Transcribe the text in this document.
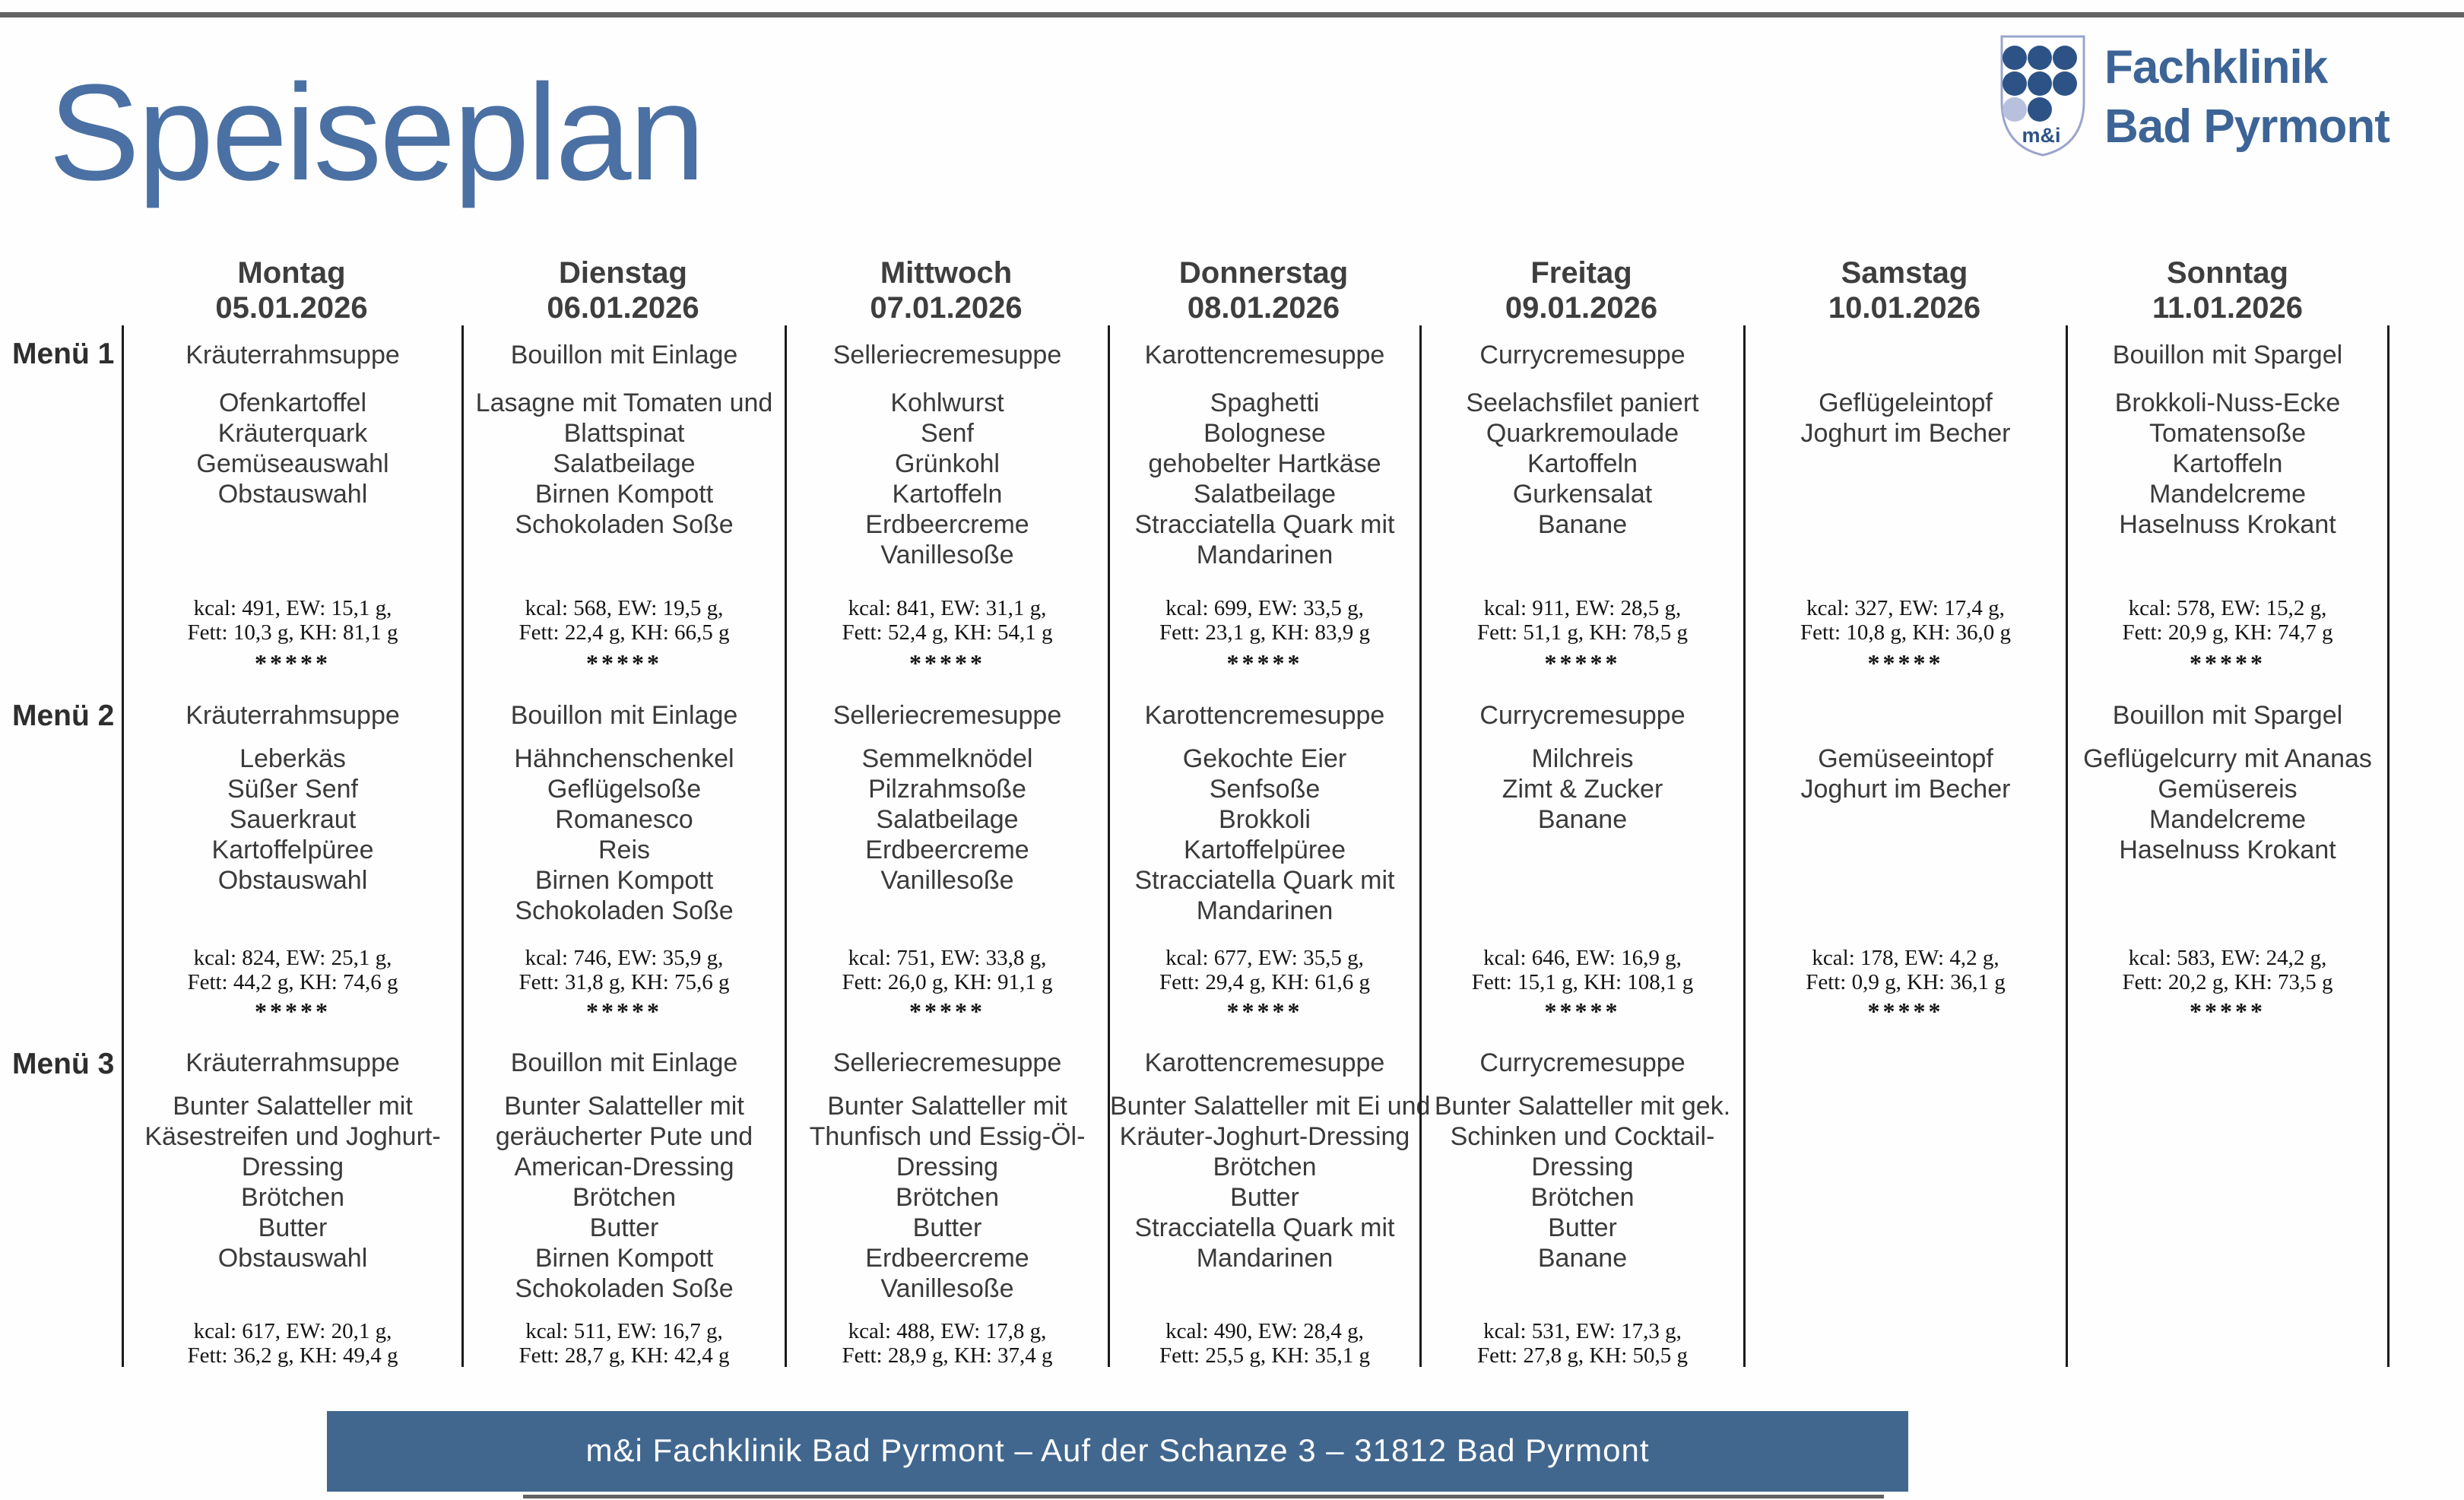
Speiseplan	m&i
Fachklinik
Bad Pyrmont
Montag
05.01.2026
Dienstag
06.01.2026
Mittwoch
07.01.2026
Donnerstag
08.01.2026
Freitag
09.01.2026
Samstag
10.01.2026
Sonntag
11.01.2026
Menü 1
Menü 2
Menü 3
Kräuterrahmsuppe
Ofenkartoffel
Kräuterquark
Gemüseauswahl
Obstauswahl
kcal: 491, EW: 15,1 g,
Fett: 10,3 g, KH: 81,1 g
*****
Bouillon mit Einlage
Lasagne mit Tomaten und
Blattspinat
Salatbeilage
Birnen Kompott
Schokoladen Soße
kcal: 568, EW: 19,5 g,
Fett: 22,4 g, KH: 66,5 g
*****
Selleriecremesuppe
Kohlwurst
Senf
Grünkohl
Kartoffeln
Erdbeercreme
Vanillesoße
kcal: 841, EW: 31,1 g,
Fett: 52,4 g, KH: 54,1 g
*****
Karottencremesuppe
Spaghetti
Bolognese
gehobelter Hartkäse
Salatbeilage
Stracciatella Quark mit
Mandarinen
kcal: 699, EW: 33,5 g,
Fett: 23,1 g, KH: 83,9 g
*****
Currycremesuppe
Seelachsfilet paniert
Quarkremoulade
Kartoffeln
Gurkensalat
Banane
kcal: 911, EW: 28,5 g,
Fett: 51,1 g, KH: 78,5 g
*****
Geflügeleintopf
Joghurt im Becher
kcal: 327, EW: 17,4 g,
Fett: 10,8 g, KH: 36,0 g
*****
Bouillon mit Spargel
Brokkoli-Nuss-Ecke
Tomatensoße
Kartoffeln
Mandelcreme
Haselnuss Krokant
kcal: 578, EW: 15,2 g,
Fett: 20,9 g, KH: 74,7 g
*****
Kräuterrahmsuppe
Leberkäs
Süßer Senf
Sauerkraut
Kartoffelpüree
Obstauswahl
kcal: 824, EW: 25,1 g,
Fett: 44,2 g, KH: 74,6 g
*****
Bouillon mit Einlage
Hähnchenschenkel
Geflügelsoße
Romanesco
Reis
Birnen Kompott
Schokoladen Soße
kcal: 746, EW: 35,9 g,
Fett: 31,8 g, KH: 75,6 g
*****
Selleriecremesuppe
Semmelknödel
Pilzrahmsoße
Salatbeilage
Erdbeercreme
Vanillesoße
kcal: 751, EW: 33,8 g,
Fett: 26,0 g, KH: 91,1 g
*****
Karottencremesuppe
Gekochte Eier
Senfsoße
Brokkoli
Kartoffelpüree
Stracciatella Quark mit
Mandarinen
kcal: 677, EW: 35,5 g,
Fett: 29,4 g, KH: 61,6 g
*****
Currycremesuppe
Milchreis
Zimt & Zucker
Banane
kcal: 646, EW: 16,9 g,
Fett: 15,1 g, KH: 108,1 g
*****
Gemüseeintopf
Joghurt im Becher
kcal: 178, EW: 4,2 g,
Fett: 0,9 g, KH: 36,1 g
*****
Bouillon mit Spargel
Geflügelcurry mit Ananas
Gemüsereis
Mandelcreme
Haselnuss Krokant
kcal: 583, EW: 24,2 g,
Fett: 20,2 g, KH: 73,5 g
*****
Kräuterrahmsuppe
Bunter Salatteller mit
Käsestreifen und Joghurt-
Dressing
Brötchen
Butter
Obstauswahl
kcal: 617, EW: 20,1 g,
Fett: 36,2 g, KH: 49,4 g
Bouillon mit Einlage
Bunter Salatteller mit
geräucherter Pute und
American-Dressing
Brötchen
Butter
Birnen Kompott
Schokoladen Soße
kcal: 511, EW: 16,7 g,
Fett: 28,7 g, KH: 42,4 g
Selleriecremesuppe
Bunter Salatteller mit
Thunfisch und Essig-Öl-
Dressing
Brötchen
Butter
Erdbeercreme
Vanillesoße
kcal: 488, EW: 17,8 g,
Fett: 28,9 g, KH: 37,4 g
Karottencremesuppe
Bunter Salatteller mit Ei und
Kräuter-Joghurt-Dressing
Brötchen
Butter
Stracciatella Quark mit
Mandarinen
kcal: 490, EW: 28,4 g,
Fett: 25,5 g, KH: 35,1 g
Currycremesuppe
Bunter Salatteller mit gek.
Schinken und Cocktail-
Dressing
Brötchen
Butter
Banane
kcal: 531, EW: 17,3 g,
Fett: 27,8 g, KH: 50,5 g
m&i Fachklinik Bad Pyrmont – Auf der Schanze 3 – 31812 Bad Pyrmont
